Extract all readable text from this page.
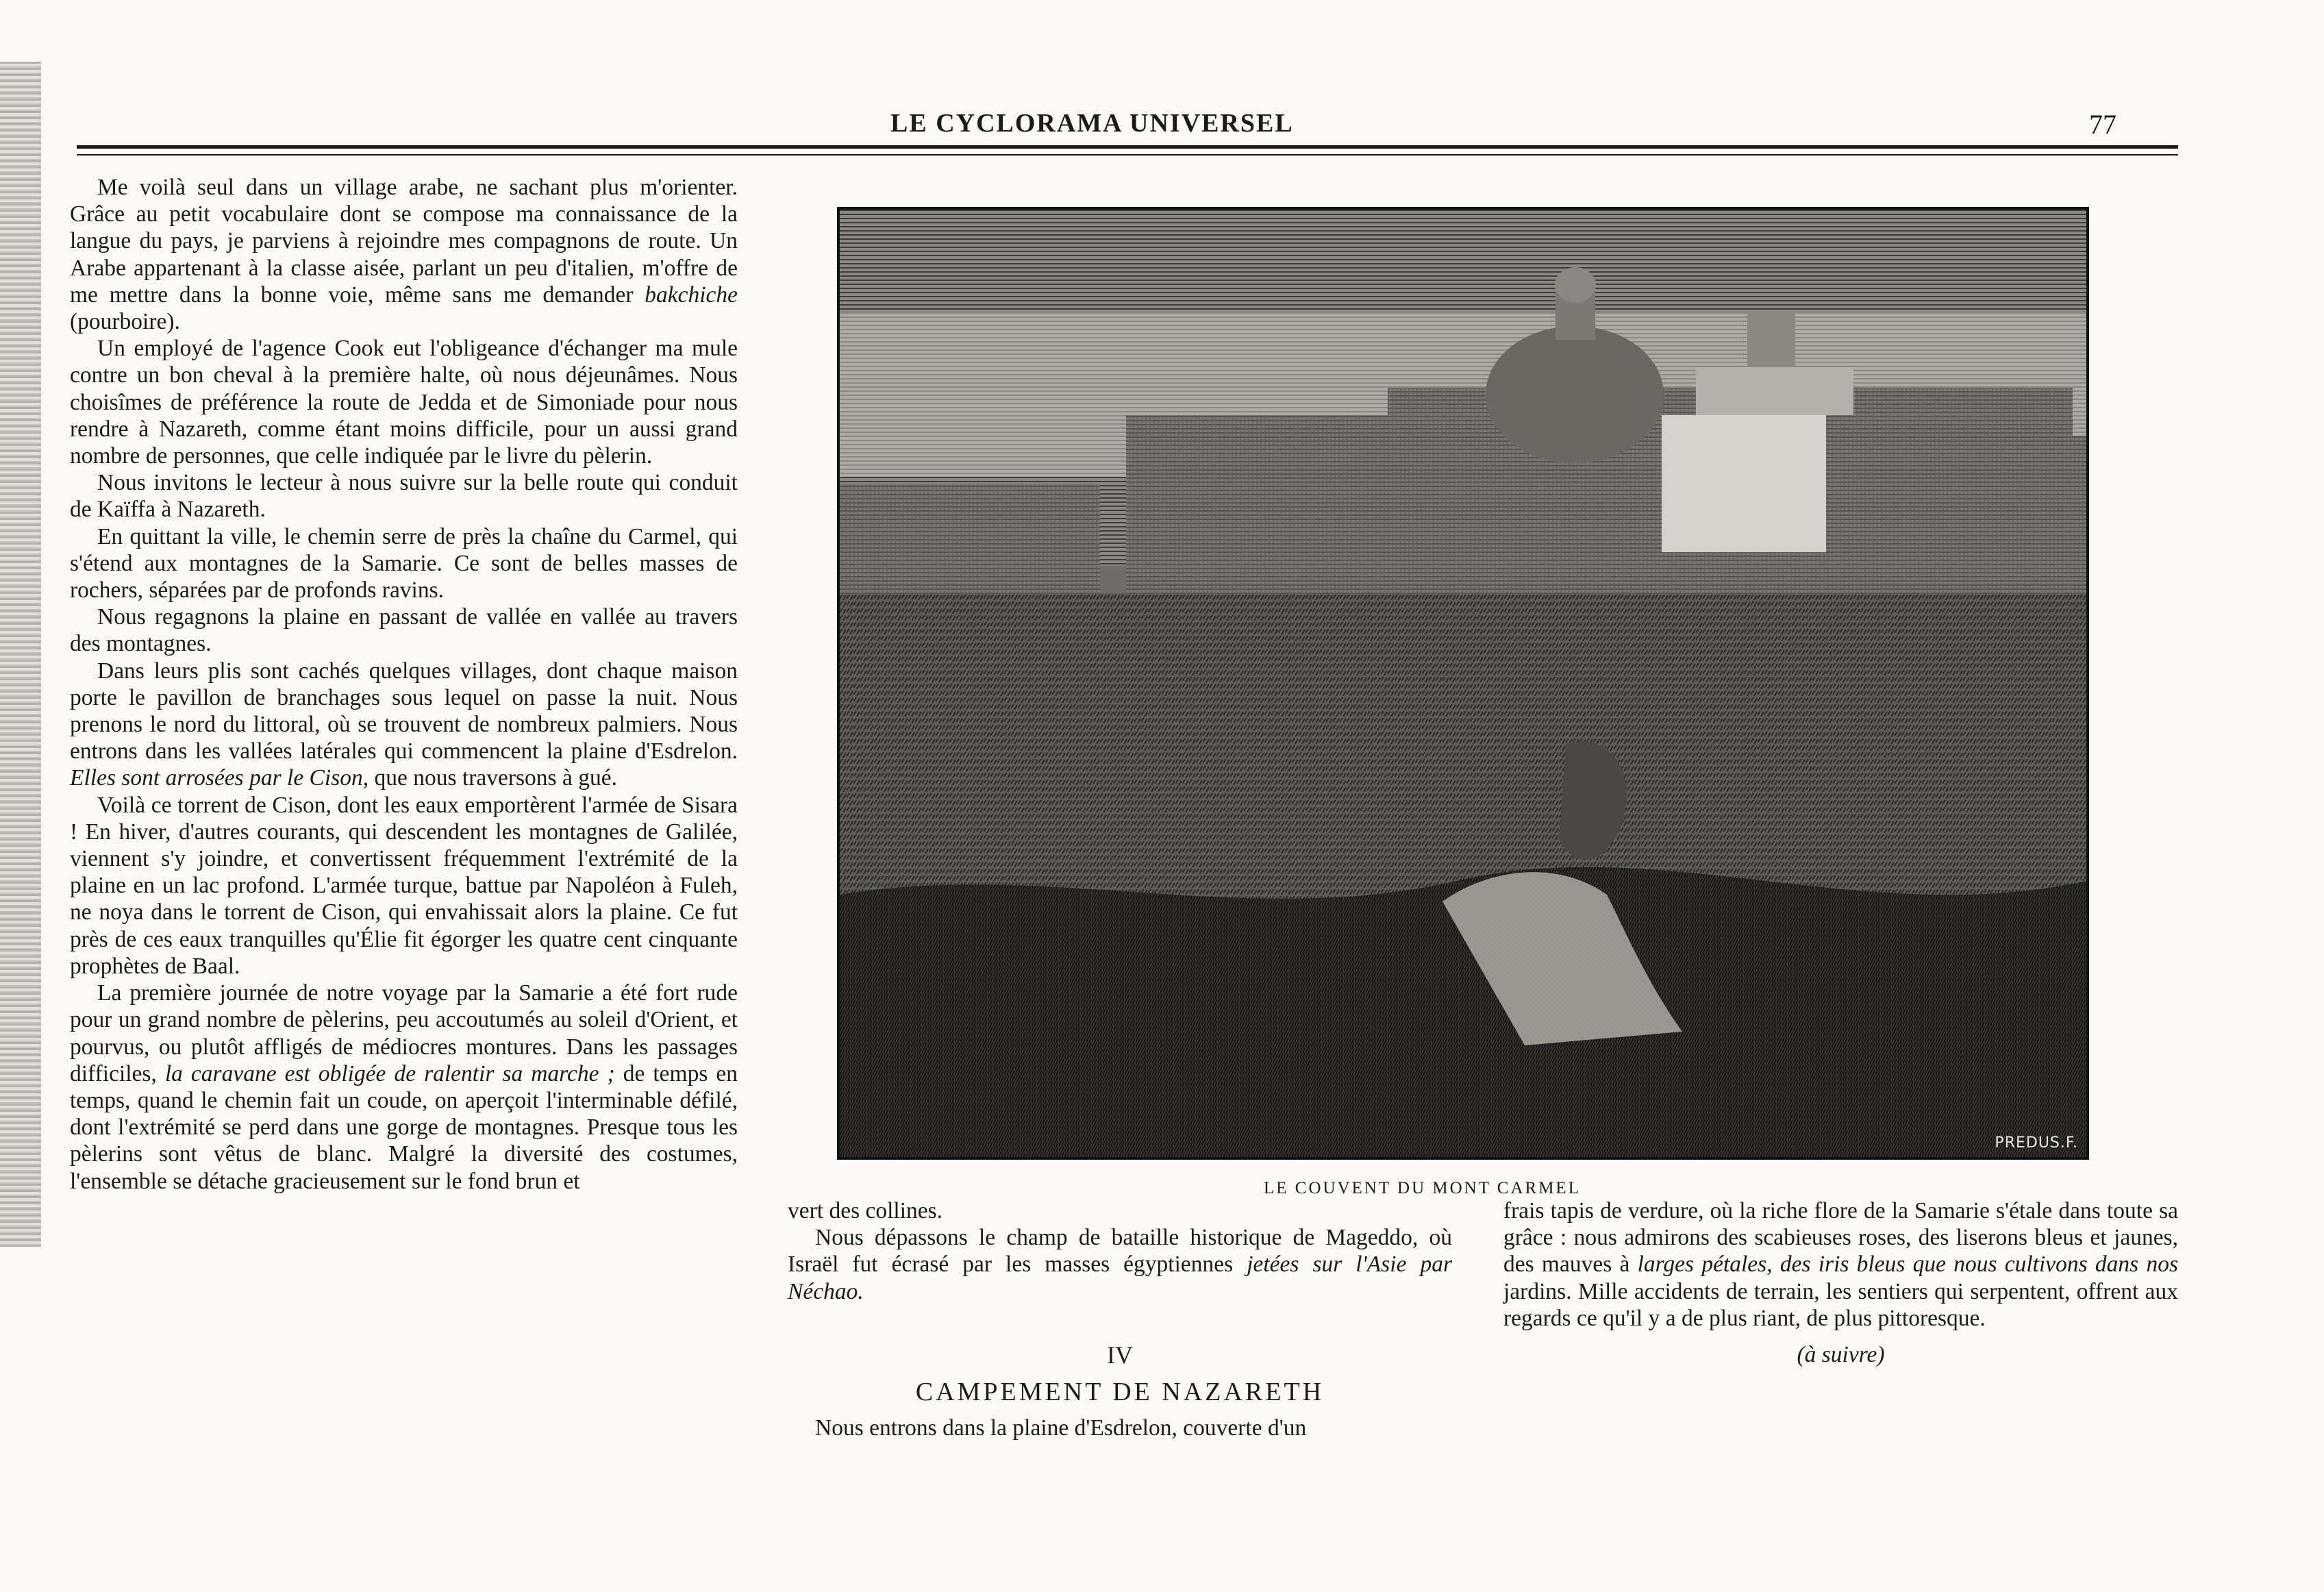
LE CYCLORAMA UNIVERSEL	77

Me voilà seul dans un village arabe, ne sachant plus m'orienter. Grâce au petit vocabulaire dont se compose ma connaissance de la langue du pays, je parviens à rejoindre mes compagnons de route. Un Arabe appartenant à la classe aisée, parlant un peu d'italien, m'offre de me mettre dans la bonne voie, même sans me demander bakchiche (pourboire).

Un employé de l'agence Cook eut l'obligeance d'échanger ma mule contre un bon cheval à la première halte, où nous déjeunâmes. Nous choisîmes de préférence la route de Jedda et de Simoniade pour nous rendre à Nazareth, comme étant moins difficile, pour un aussi grand nombre de personnes, que celle indiquée par le livre du pèlerin.

Nous invitons le lecteur à nous suivre sur la belle route qui conduit de Kaïffa à Nazareth.

En quittant la ville, le chemin serre de près la chaîne du Carmel, qui s'étend aux montagnes de la Samarie. Ce sont de belles masses de rochers, séparées par de profonds ravins.

Nous regagnons la plaine en passant de vallée en vallée au travers des montagnes.

Dans leurs plis sont cachés quelques villages, dont chaque maison porte le pavillon de branchages sous lequel on passe la nuit. Nous prenons le nord du littoral, où se trouvent de nombreux palmiers. Nous entrons dans les vallées latérales qui commencent la plaine d'Esdrelon. Elles sont arrosées par le Cison, que nous traversons à gué.

Voilà ce torrent de Cison, dont les eaux emportèrent l'armée de Sisara ! En hiver, d'autres courants, qui descendent les montagnes de Galilée, viennent s'y joindre, et convertissent fréquemment l'extrémité de la plaine en un lac profond. L'armée turque, battue par Napoléon à Fuleh, ne noya dans le torrent de Cison, qui envahissait alors la plaine. Ce fut près de ces eaux tranquilles qu'Élie fit égorger les quatre cent cinquante prophètes de Baal.

La première journée de notre voyage par la Samarie a été fort rude pour un grand nombre de pèlerins, peu accoutumés au soleil d'Orient, et pourvus, ou plutôt affligés de médiocres montures. Dans les passages difficiles, la caravane est obligée de ralentir sa marche ; de temps en temps, quand le chemin fait un coude, on aperçoit l'interminable défilé, dont l'extrémité se perd dans une gorge de montagnes. Presque tous les pèlerins sont vêtus de blanc. Malgré la diversité des costumes, l'ensemble se détache gracieusement sur le fond brun et

PREDUS.F.
LE COUVENT DU MONT CARMEL

vert des collines.

Nous dépassons le champ de bataille historique de Mageddo, où Israël fut écrasé par les masses égyptiennes jetées sur l'Asie par Néchao.

IV
CAMPEMENT DE NAZARETH

Nous entrons dans la plaine d'Esdrelon, couverte d'un

frais tapis de verdure, où la riche flore de la Samarie s'étale dans toute sa grâce : nous admirons des scabieuses roses, des liserons bleus et jaunes, des mauves à larges pétales, des iris bleus que nous cultivons dans nos jardins. Mille accidents de terrain, les sentiers qui serpentent, offrent aux regards ce qu'il y a de plus riant, de plus pittoresque.

(à suivre)
